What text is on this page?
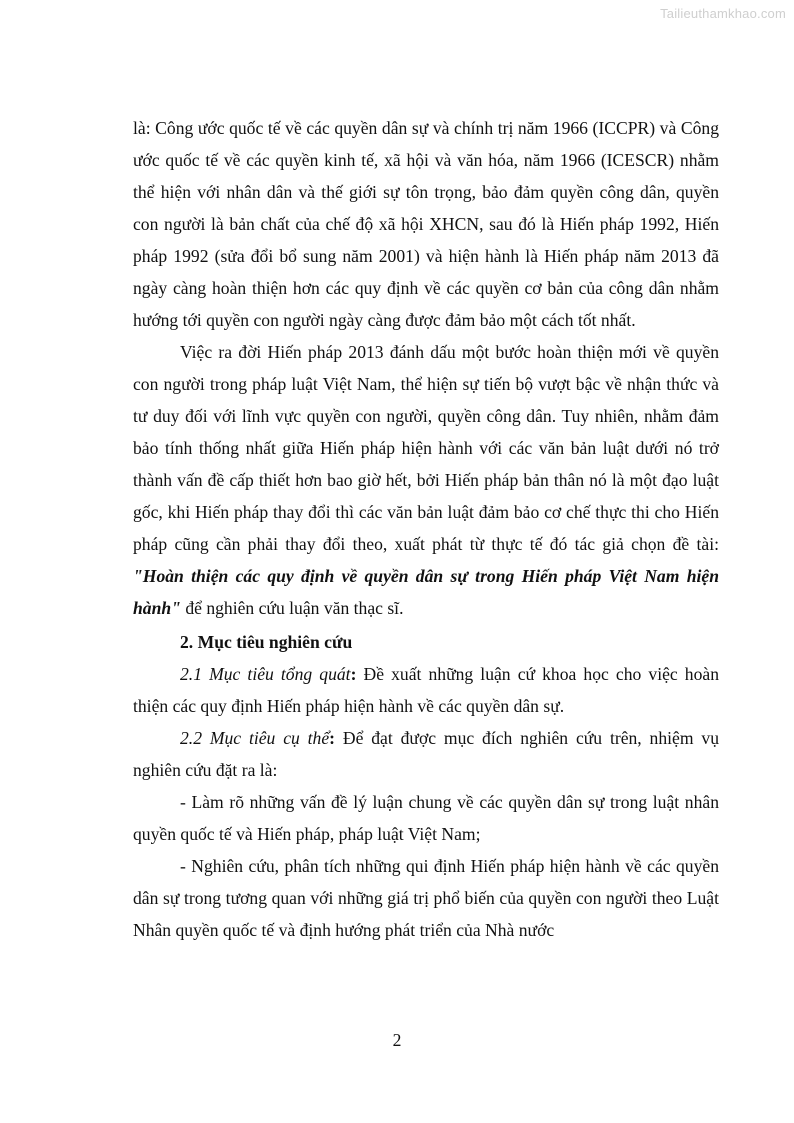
Tailieuthamkhao.com

là: Công ước quốc tế về các quyền dân sự và chính trị năm 1966 (ICCPR) và Công ước quốc tế về các quyền kinh tế, xã hội và văn hóa, năm 1966 (ICESCR) nhằm thể hiện với nhân dân và thế giới sự tôn trọng, bảo đảm quyền công dân, quyền con người là bản chất của chế độ xã hội XHCN, sau đó là Hiến pháp 1992, Hiến pháp 1992 (sửa đổi bổ sung năm 2001) và hiện hành là Hiến pháp năm 2013 đã ngày càng hoàn thiện hơn các quy định về các quyền cơ bản của công dân nhằm hướng tới quyền con người ngày càng được đảm bảo một cách tốt nhất.

Việc ra đời Hiến pháp 2013 đánh dấu một bước hoàn thiện mới về quyền con người trong pháp luật Việt Nam, thể hiện sự tiến bộ vượt bậc về nhận thức và tư duy đối với lĩnh vực quyền con người, quyền công dân. Tuy nhiên, nhằm đảm bảo tính thống nhất giữa Hiến pháp hiện hành với các văn bản luật dưới nó trở thành vấn đề cấp thiết hơn bao giờ hết, bởi Hiến pháp bản thân nó là một đạo luật gốc, khi Hiến pháp thay đổi thì các văn bản luật đảm bảo cơ chế thực thi cho Hiến pháp cũng cần phải thay đổi theo, xuất phát từ thực tế đó tác giả chọn đề tài: "Hoàn thiện các quy định về quyền dân sự trong Hiến pháp Việt Nam hiện hành" để nghiên cứu luận văn thạc sĩ.

2. Mục tiêu nghiên cứu

2.1 Mục tiêu tổng quát: Đề xuất những luận cứ khoa học cho việc hoàn thiện các quy định Hiến pháp hiện hành về các quyền dân sự.

2.2 Mục tiêu cụ thể: Để đạt được mục đích nghiên cứu trên, nhiệm vụ nghiên cứu đặt ra là:

- Làm rõ những vấn đề lý luận chung về các quyền dân sự trong luật nhân quyền quốc tế và Hiến pháp, pháp luật Việt Nam;

- Nghiên cứu, phân tích những qui định Hiến pháp hiện hành về các quyền dân sự trong tương quan với những giá trị phổ biến của quyền con người theo Luật Nhân quyền quốc tế và định hướng phát triển của Nhà nước

2
